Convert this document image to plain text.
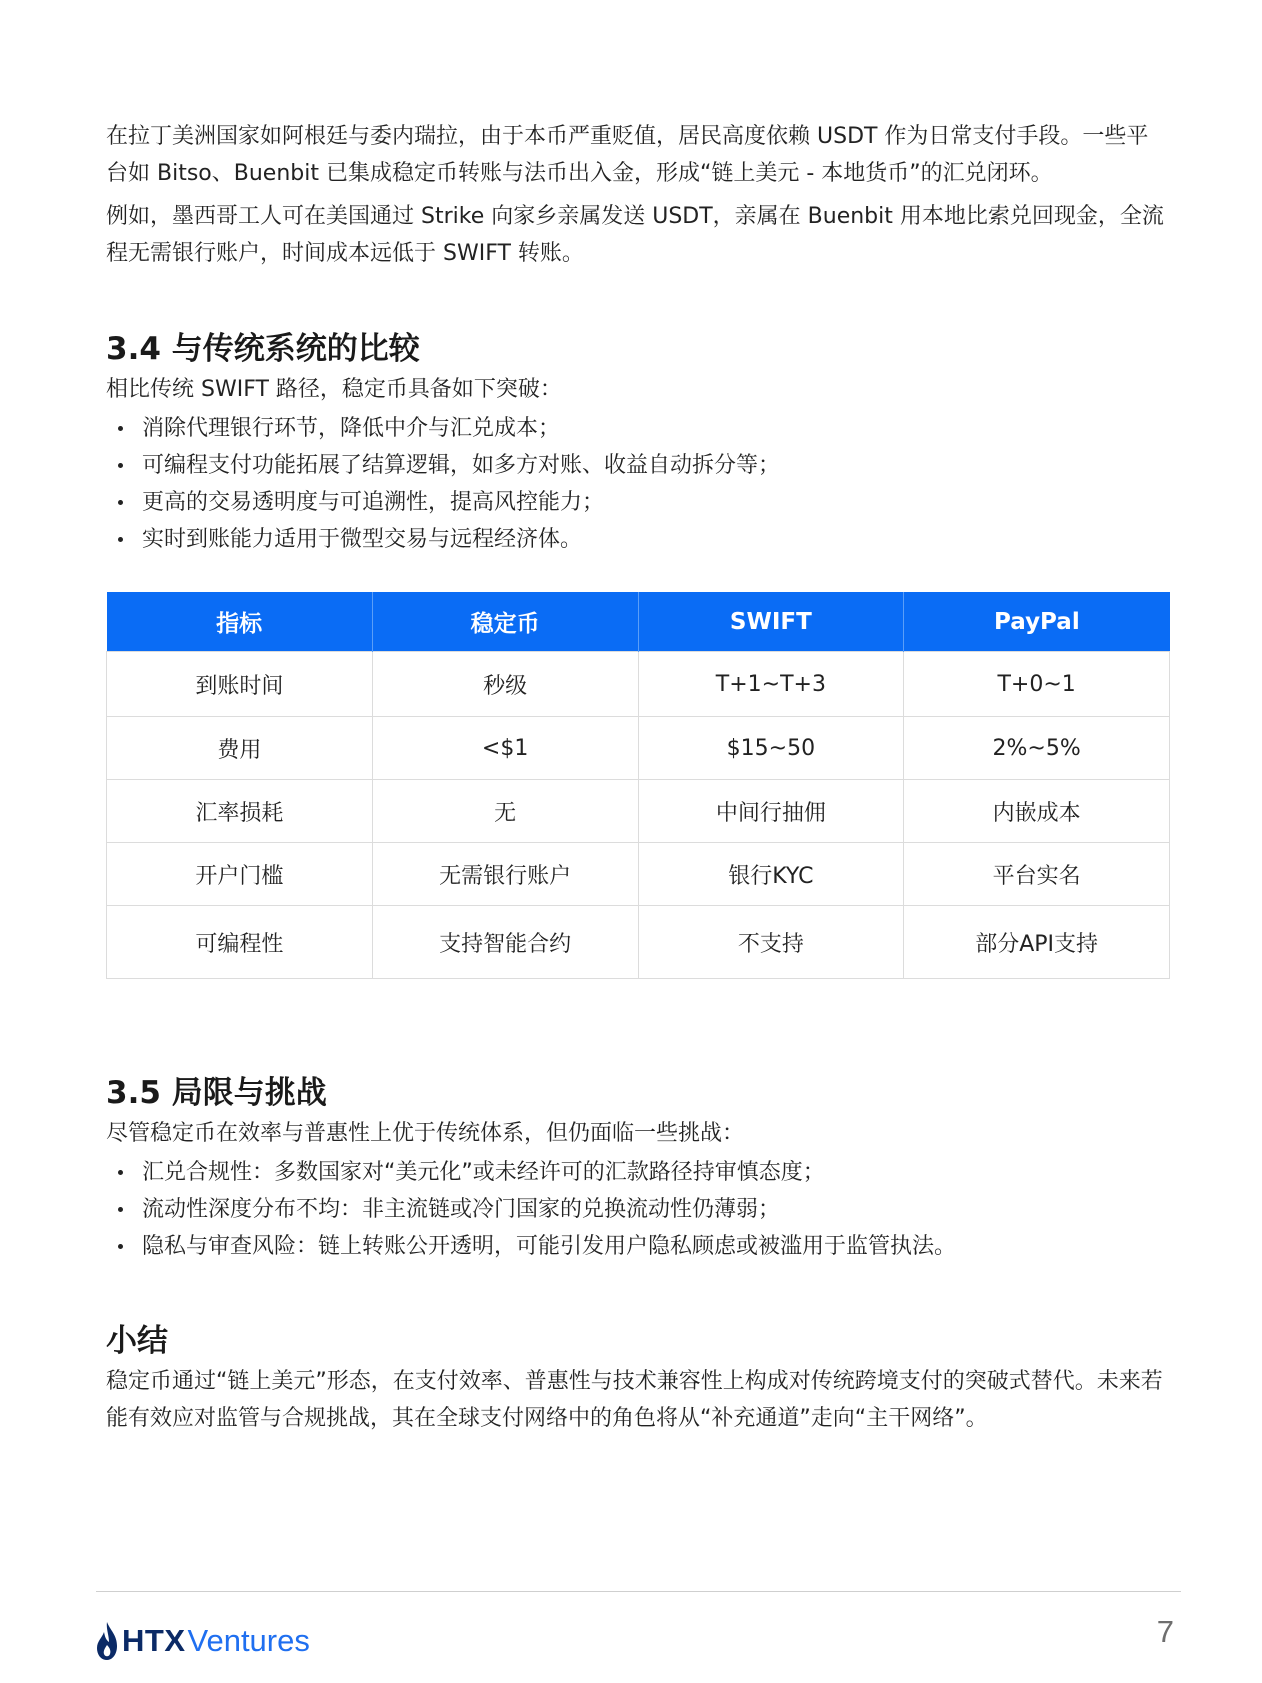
在拉丁美洲国家如阿根廷与委内瑞拉，由于本币严重贬值，居民高度依赖 USDT 作为日常支付手段。一些平台如 Bitso、Buenbit 已集成稳定币转账与法币出入金，形成“链上美元 - 本地货币”的汇兑闭环。

例如，墨西哥工人可在美国通过 Strike 向家乡亲属发送 USDT，亲属在 Buenbit 用本地比索兑回现金，全流程无需银行账户，时间成本远低于 SWIFT 转账。

3.4 与传统系统的比较

相比传统 SWIFT 路径，稳定币具备如下突破：

消除代理银行环节，降低中介与汇兑成本；
可编程支付功能拓展了结算逻辑，如多方对账、收益自动拆分等；
更高的交易透明度与可追溯性，提高风控能力；
实时到账能力适用于微型交易与远程经济体。
指标	稳定币	SWIFT	PayPal
到账时间	秒级	T+1~T+3	T+0~1
费用	<$1	$15~50	2%~5%
汇率损耗	无	中间行抽佣	内嵌成本
开户门槛	无需银行账户	银行KYC	平台实名
可编程性	支持智能合约	不支持	部分API支持
3.5 局限与挑战

尽管稳定币在效率与普惠性上优于传统体系，但仍面临一些挑战：

汇兑合规性：多数国家对“美元化”或未经许可的汇款路径持审慎态度；
流动性深度分布不均：非主流链或冷门国家的兑换流动性仍薄弱；
隐私与审查风险：链上转账公开透明，可能引发用户隐私顾虑或被滥用于监管执法。
小结

稳定币通过“链上美元”形态，在支付效率、普惠性与技术兼容性上构成对传统跨境支付的突破式替代。未来若能有效应对监管与合规挑战，其在全球支付网络中的角色将从“补充通道”走向“主干网络”。

HTX Ventures	7
